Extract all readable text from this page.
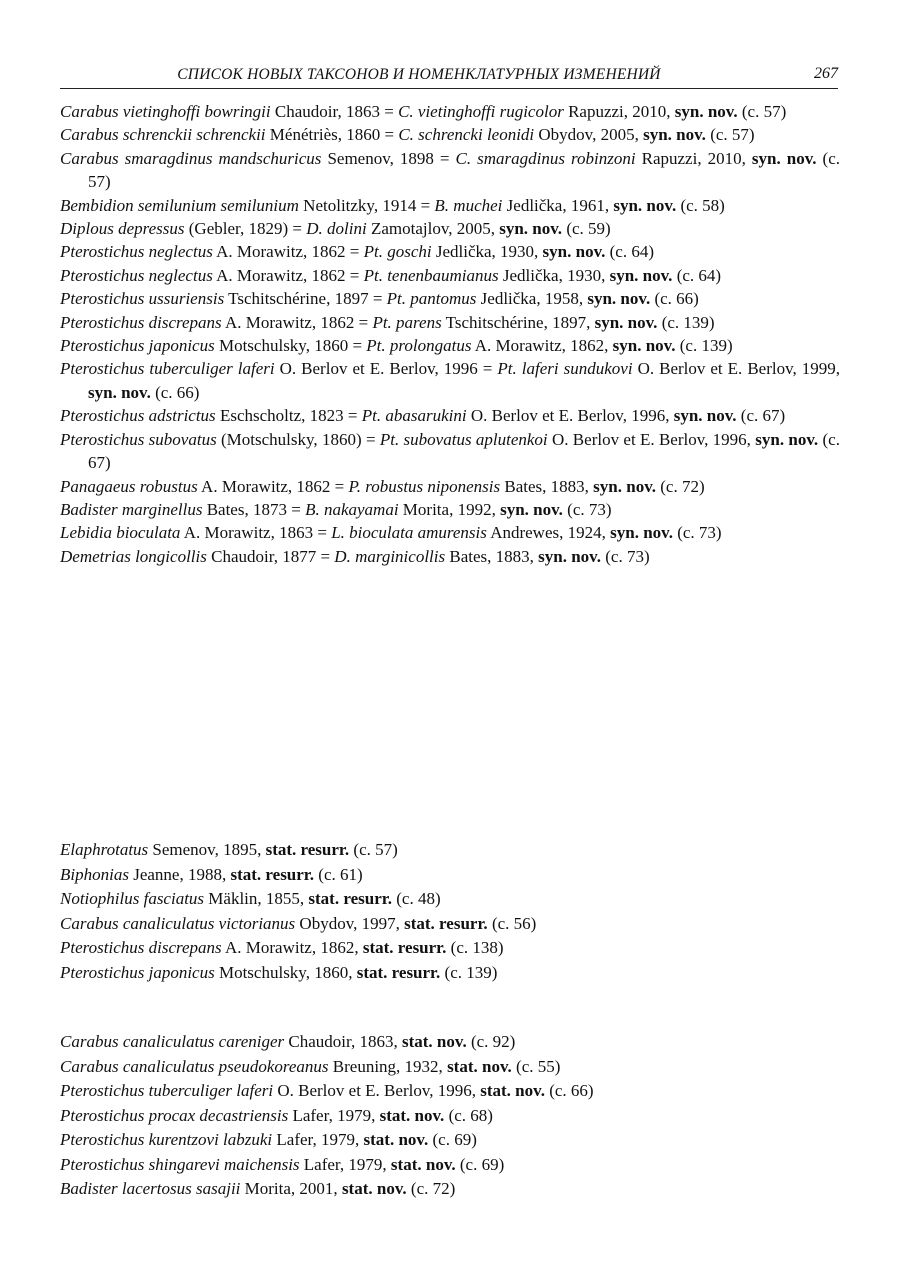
СПИСОК НОВЫХ ТАКСОНОВ И НОМЕНКЛАТУРНЫХ ИЗМЕНЕНИЙ	267
Carabus vietinghoffi bowringii Chaudoir, 1863 = C. vietinghoffi rugicolor Rapuzzi, 2010, syn. nov. (с. 57)
Carabus schrenckii schrenckii Ménétriès, 1860 = C. schrencki leonidi Obydov, 2005, syn. nov. (с. 57)
Carabus smaragdinus mandschuricus Semenov, 1898 = C. smaragdinus robinzoni Rapuzzi, 2010, syn. nov. (с. 57)
Bembidion semilunium semilunium Netolitzky, 1914 = B. muchei Jedlička, 1961, syn. nov. (с. 58)
Diplous depressus (Gebler, 1829) = D. dolini Zamotajlov, 2005, syn. nov. (с. 59)
Pterostichus neglectus A. Morawitz, 1862 = Pt. goschi Jedlička, 1930, syn. nov. (с. 64)
Pterostichus neglectus A. Morawitz, 1862 = Pt. tenenbaumianus Jedlička, 1930, syn. nov. (с. 64)
Pterostichus ussuriensis Tschitschérine, 1897 = Pt. pantomus Jedlička, 1958, syn. nov. (с. 66)
Pterostichus discrepans A. Morawitz, 1862 = Pt. parens Tschitschérine, 1897, syn. nov. (с. 139)
Pterostichus japonicus Motschulsky, 1860 = Pt. prolongatus A. Morawitz, 1862, syn. nov. (с. 139)
Pterostichus tuberculiger laferi O. Berlov et E. Berlov, 1996 = Pt. laferi sundukovi O. Berlov et E. Berlov, 1999, syn. nov. (с. 66)
Pterostichus adstrictus Eschscholtz, 1823 = Pt. abasarukini O. Berlov et E. Berlov, 1996, syn. nov. (с. 67)
Pterostichus subovatus (Motschulsky, 1860) = Pt. subovatus aplutenkoi O. Berlov et E. Berlov, 1996, syn. nov. (с. 67)
Panagaeus robustus A. Morawitz, 1862 = P. robustus niponensis Bates, 1883, syn. nov. (с. 72)
Badister marginellus Bates, 1873 = B. nakayamai Morita, 1992, syn. nov. (с. 73)
Lebidia bioculata A. Morawitz, 1863 = L. bioculata amurensis Andrewes, 1924, syn. nov. (с. 73)
Demetrias longicollis Chaudoir, 1877 = D. marginicollis Bates, 1883, syn. nov. (с. 73)
Elaphrotatus Semenov, 1895, stat. resurr. (с. 57)
Biphonias Jeanne, 1988, stat. resurr. (с. 61)
Notiophilus fasciatus Mäklin, 1855, stat. resurr. (с. 48)
Carabus canaliculatus victorianus Obydov, 1997, stat. resurr. (с. 56)
Pterostichus discrepans A. Morawitz, 1862, stat. resurr. (с. 138)
Pterostichus japonicus Motschulsky, 1860, stat. resurr. (с. 139)
Carabus canaliculatus careniger Chaudoir, 1863, stat. nov. (с. 92)
Carabus canaliculatus pseudokoreanus Breuning, 1932, stat. nov. (с. 55)
Pterostichus tuberculiger laferi O. Berlov et E. Berlov, 1996, stat. nov. (с. 66)
Pterostichus procax decastriensis Lafer, 1979, stat. nov. (с. 68)
Pterostichus kurentzovi labzuki Lafer, 1979, stat. nov. (с. 69)
Pterostichus shingarevi maichensis Lafer, 1979, stat. nov. (с. 69)
Badister lacertosus sasajii Morita, 2001, stat. nov. (с. 72)
